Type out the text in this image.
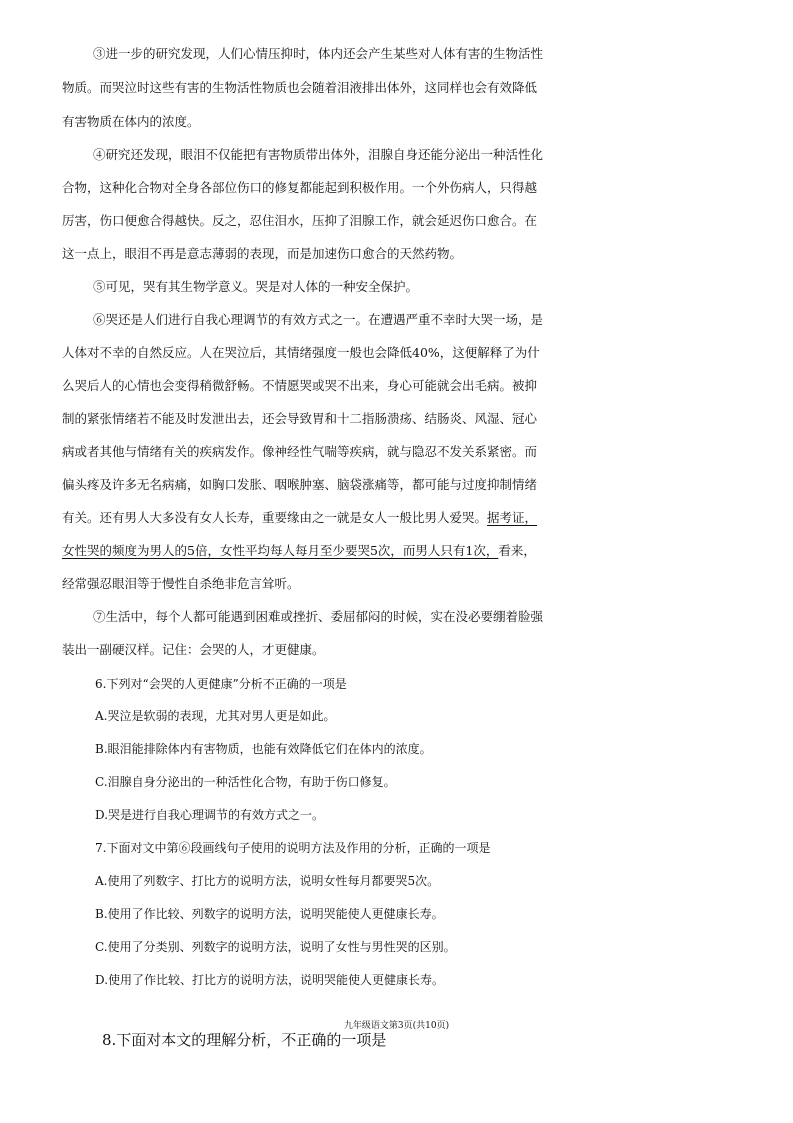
③进一步的研究发现，人们心情压抑时，体内还会产生某些对人体有害的生物活性
物质。而哭泣时这些有害的生物活性物质也会随着泪液排出体外，这同样也会有效降低
有害物质在体内的浓度。
④研究还发现，眼泪不仅能把有害物质带出体外，泪腺自身还能分泌出一种活性化
合物，这种化合物对全身各部位伤口的修复都能起到积极作用。一个外伤病人，只得越
厉害，伤口便愈合得越快。反之，忍住泪水，压抑了泪腺工作，就会延迟伤口愈合。在
这一点上，眼泪不再是意志薄弱的表现，而是加速伤口愈合的天然药物。
⑤可见，哭有其生物学意义。哭是对人体的一种安全保护。
⑥哭还是人们进行自我心理调节的有效方式之一。在遭遇严重不幸时大哭一场，是
人体对不幸的自然反应。人在哭泣后，其情绪强度一般也会降低40%，这便解释了为什
么哭后人的心情也会变得稍微舒畅。不情愿哭或哭不出来，身心可能就会出毛病。被抑
制的紧张情绪若不能及时发泄出去，还会导致胃和十二指肠溃疡、结肠炎、风湿、冠心
病或者其他与情绪有关的疾病发作。像神经性气喘等疾病，就与隐忍不发关系紧密。而
偏头疼及许多无名病痛，如胸口发胀、咽喉肿塞、脑袋涨痛等，都可能与过度抑制情绪
有关。还有男人大多没有女人长寿，重要缘由之一就是女人一般比男人爱哭。据考证，
女性哭的频度为男人的5倍，女性平均每人每月至少要哭5次，而男人只有1次，看来，
经常强忍眼泪等于慢性自杀绝非危言耸听。
⑦生活中，每个人都可能遇到困难或挫折、委屈郁闷的时候，实在没必要绷着脸强
装出一副硬汉样。记住：会哭的人，才更健康。
6.下列对“会哭的人更健康”分析不正确的一项是
A.哭泣是软弱的表现，尤其对男人更是如此。
B.眼泪能排除体内有害物质，也能有效降低它们在体内的浓度。
C.泪腺自身分泌出的一种活性化合物，有助于伤口修复。
D.哭是进行自我心理调节的有效方式之一。
7.下面对文中第⑥段画线句子使用的说明方法及作用的分析，正确的一项是
A.使用了列数字、打比方的说明方法，说明女性每月都要哭5次。
B.使用了作比较、列数字的说明方法，说明哭能使人更健康长寿。
C.使用了分类别、列数字的说明方法，说明了女性与男性哭的区别。
D.使用了作比较、打比方的说明方法，说明哭能使人更健康长寿。
九年级语文第3页(共10页)
8.下面对本文的理解分析，不正确的一项是
